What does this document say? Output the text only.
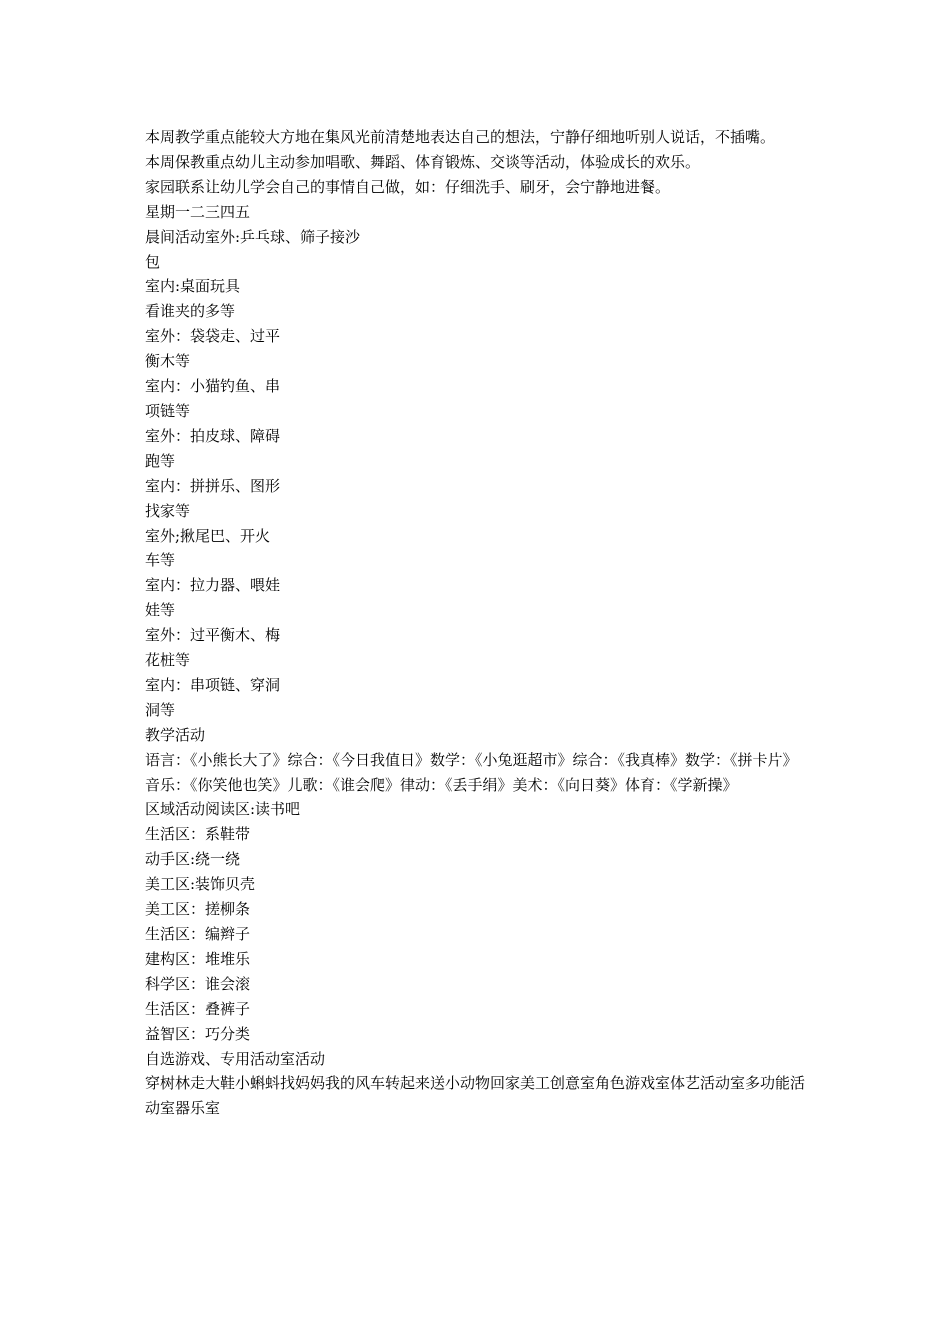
本周教学重点能较大方地在集风光前清楚地表达自己的想法，宁静仔细地听别人说话，不插嘴。

本周保教重点幼儿主动参加唱歌、舞蹈、体育锻炼、交谈等活动，体验成长的欢乐。

家园联系让幼儿学会自己的事情自己做，如：仔细洗手、刷牙，会宁静地进餐。

星期一二三四五

晨间活动室外:乒乓球、筛子接沙

包

室内:桌面玩具

看谁夹的多等

室外：袋袋走、过平

衡木等

室内：小猫钓鱼、串

项链等

室外：拍皮球、障碍

跑等

室内：拼拼乐、图形

找家等

室外;揪尾巴、开火

车等

室内：拉力器、喂娃

娃等

室外：过平衡木、梅

花桩等

室内：串项链、穿洞

洞等

教学活动

语言：《小熊长大了》综合：《今日我值日》数学：《小兔逛超市》综合：《我真棒》数学：《拼卡片》

音乐：《你笑他也笑》儿歌：《谁会爬》律动：《丢手绢》美术：《向日葵》体育：《学新操》

区域活动阅读区:读书吧

生活区：系鞋带

动手区:绕一绕

美工区:装饰贝壳

美工区：搓柳条

生活区：编辫子

建构区：堆堆乐

科学区：谁会滚

生活区：叠裤子

益智区：巧分类

自选游戏、专用活动室活动

穿树林走大鞋小蝌蚪找妈妈我的风车转起来送小动物回家美工创意室角色游戏室体艺活动室多功能活动室器乐室
